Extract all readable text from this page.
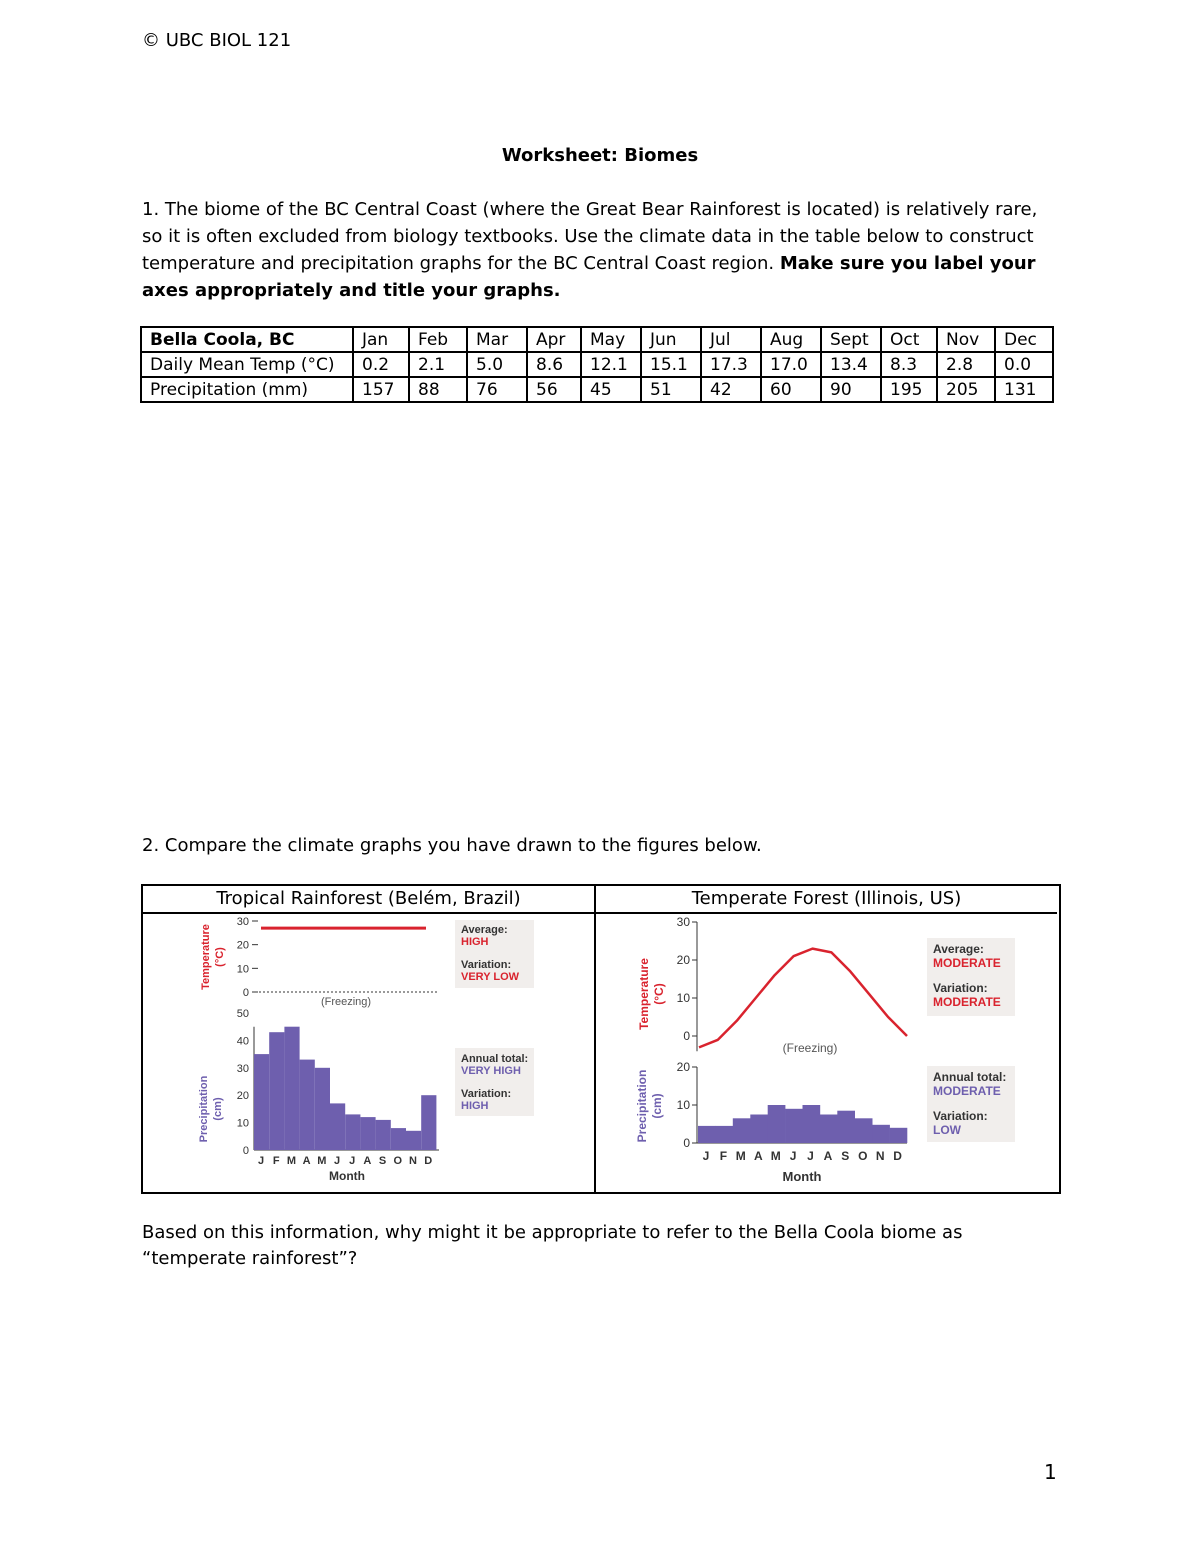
© UBC BIOL 121
Worksheet: Biomes
1. The biome of the BC Central Coast (where the Great Bear Rainforest is located) is relatively rare, so it is often excluded from biology textbooks. Use the climate data in the table below to construct temperature and precipitation graphs for the BC Central Coast region. Make sure you label your axes appropriately and title your graphs.
Bella Coola, BC	Jan	Feb	Mar	Apr	May	Jun	Jul	Aug	Sept	Oct	Nov	Dec
Daily Mean Temp (°C)	0.2	2.1	5.0	8.6	12.1	15.1	17.3	17.0	13.4	8.3	2.8	0.0
Precipitation (mm)	157	88	76	56	45	51	42	60	90	195	205	131
2. Compare the climate graphs you have drawn to the figures below.
Tropical Rainforest (Belém, Brazil)	Temperate Forest (Illinois, US)
30
20
10
0
Temperature (°C)
(Freezing)
Precipitation (cm)
50
40
30
20
10
0
J F M A M J J A S O N D
Month
Average:
HIGH
Variation:
VERY LOW
Annual total:
VERY HIGH
Variation:
HIGH
30
20
10
0
Temperature (°C)
(Freezing)
Precipitation (cm)
20
10
0
J F M A M J J A S O N D
Month
Average:
MODERATE
Variation:
MODERATE
Annual total:
MODERATE
Variation:
LOW
Based on this information, why might it be appropriate to refer to the Bella Coola biome as “temperate rainforest”?
1
